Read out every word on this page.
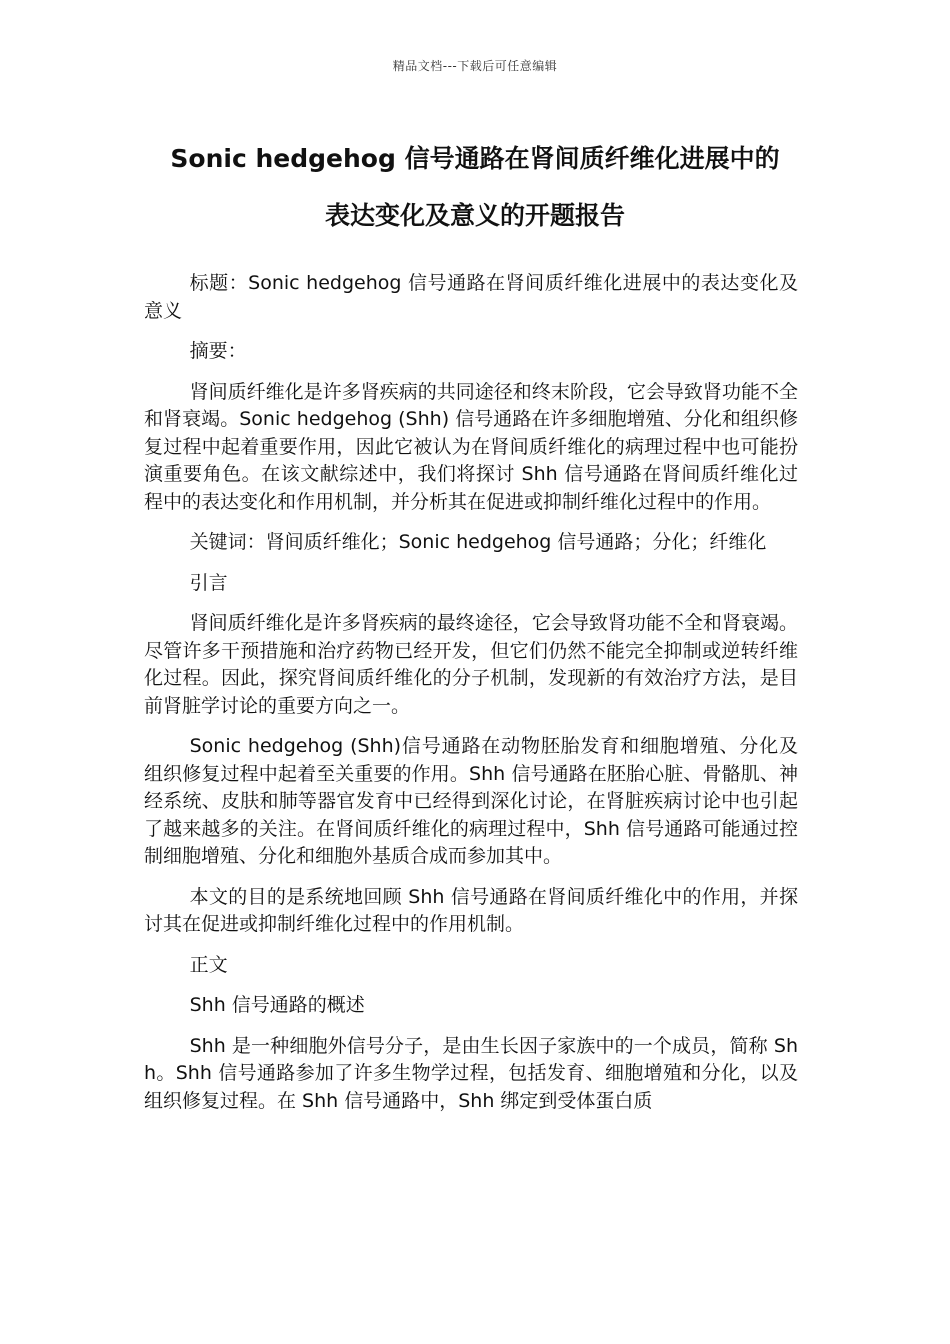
精品文档---下载后可任意编辑
Sonic hedgehog 信号通路在肾间质纤维化进展中的
表达变化及意义的开题报告

标题：Sonic hedgehog 信号通路在肾间质纤维化进展中的表达变化及意义

摘要：

肾间质纤维化是许多肾疾病的共同途径和终末阶段，它会导致肾功能不全和肾衰竭。Sonic hedgehog (Shh) 信号通路在许多细胞增殖、分化和组织修复过程中起着重要作用，因此它被认为在肾间质纤维化的病理过程中也可能扮演重要角色。在该文献综述中，我们将探讨 Shh 信号通路在肾间质纤维化过程中的表达变化和作用机制，并分析其在促进或抑制纤维化过程中的作用。

关键词：肾间质纤维化；Sonic hedgehog 信号通路；分化；纤维化

引言

肾间质纤维化是许多肾疾病的最终途径，它会导致肾功能不全和肾衰竭。尽管许多干预措施和治疗药物已经开发，但它们仍然不能完全抑制或逆转纤维化过程。因此，探究肾间质纤维化的分子机制，发现新的有效治疗方法，是目前肾脏学讨论的重要方向之一。

Sonic hedgehog (Shh)信号通路在动物胚胎发育和细胞增殖、分化及组织修复过程中起着至关重要的作用。Shh 信号通路在胚胎心脏、骨骼肌、神经系统、皮肤和肺等器官发育中已经得到深化讨论，在肾脏疾病讨论中也引起了越来越多的关注。在肾间质纤维化的病理过程中，Shh 信号通路可能通过控制细胞增殖、分化和细胞外基质合成而参加其中。

本文的目的是系统地回顾 Shh 信号通路在肾间质纤维化中的作用，并探讨其在促进或抑制纤维化过程中的作用机制。

正文

Shh 信号通路的概述

Shh 是一种细胞外信号分子，是由生长因子家族中的一个成员，简称 Shh。Shh 信号通路参加了许多生物学过程，包括发育、细胞增殖和分化，以及组织修复过程。在 Shh 信号通路中，Shh 绑定到受体蛋白质
